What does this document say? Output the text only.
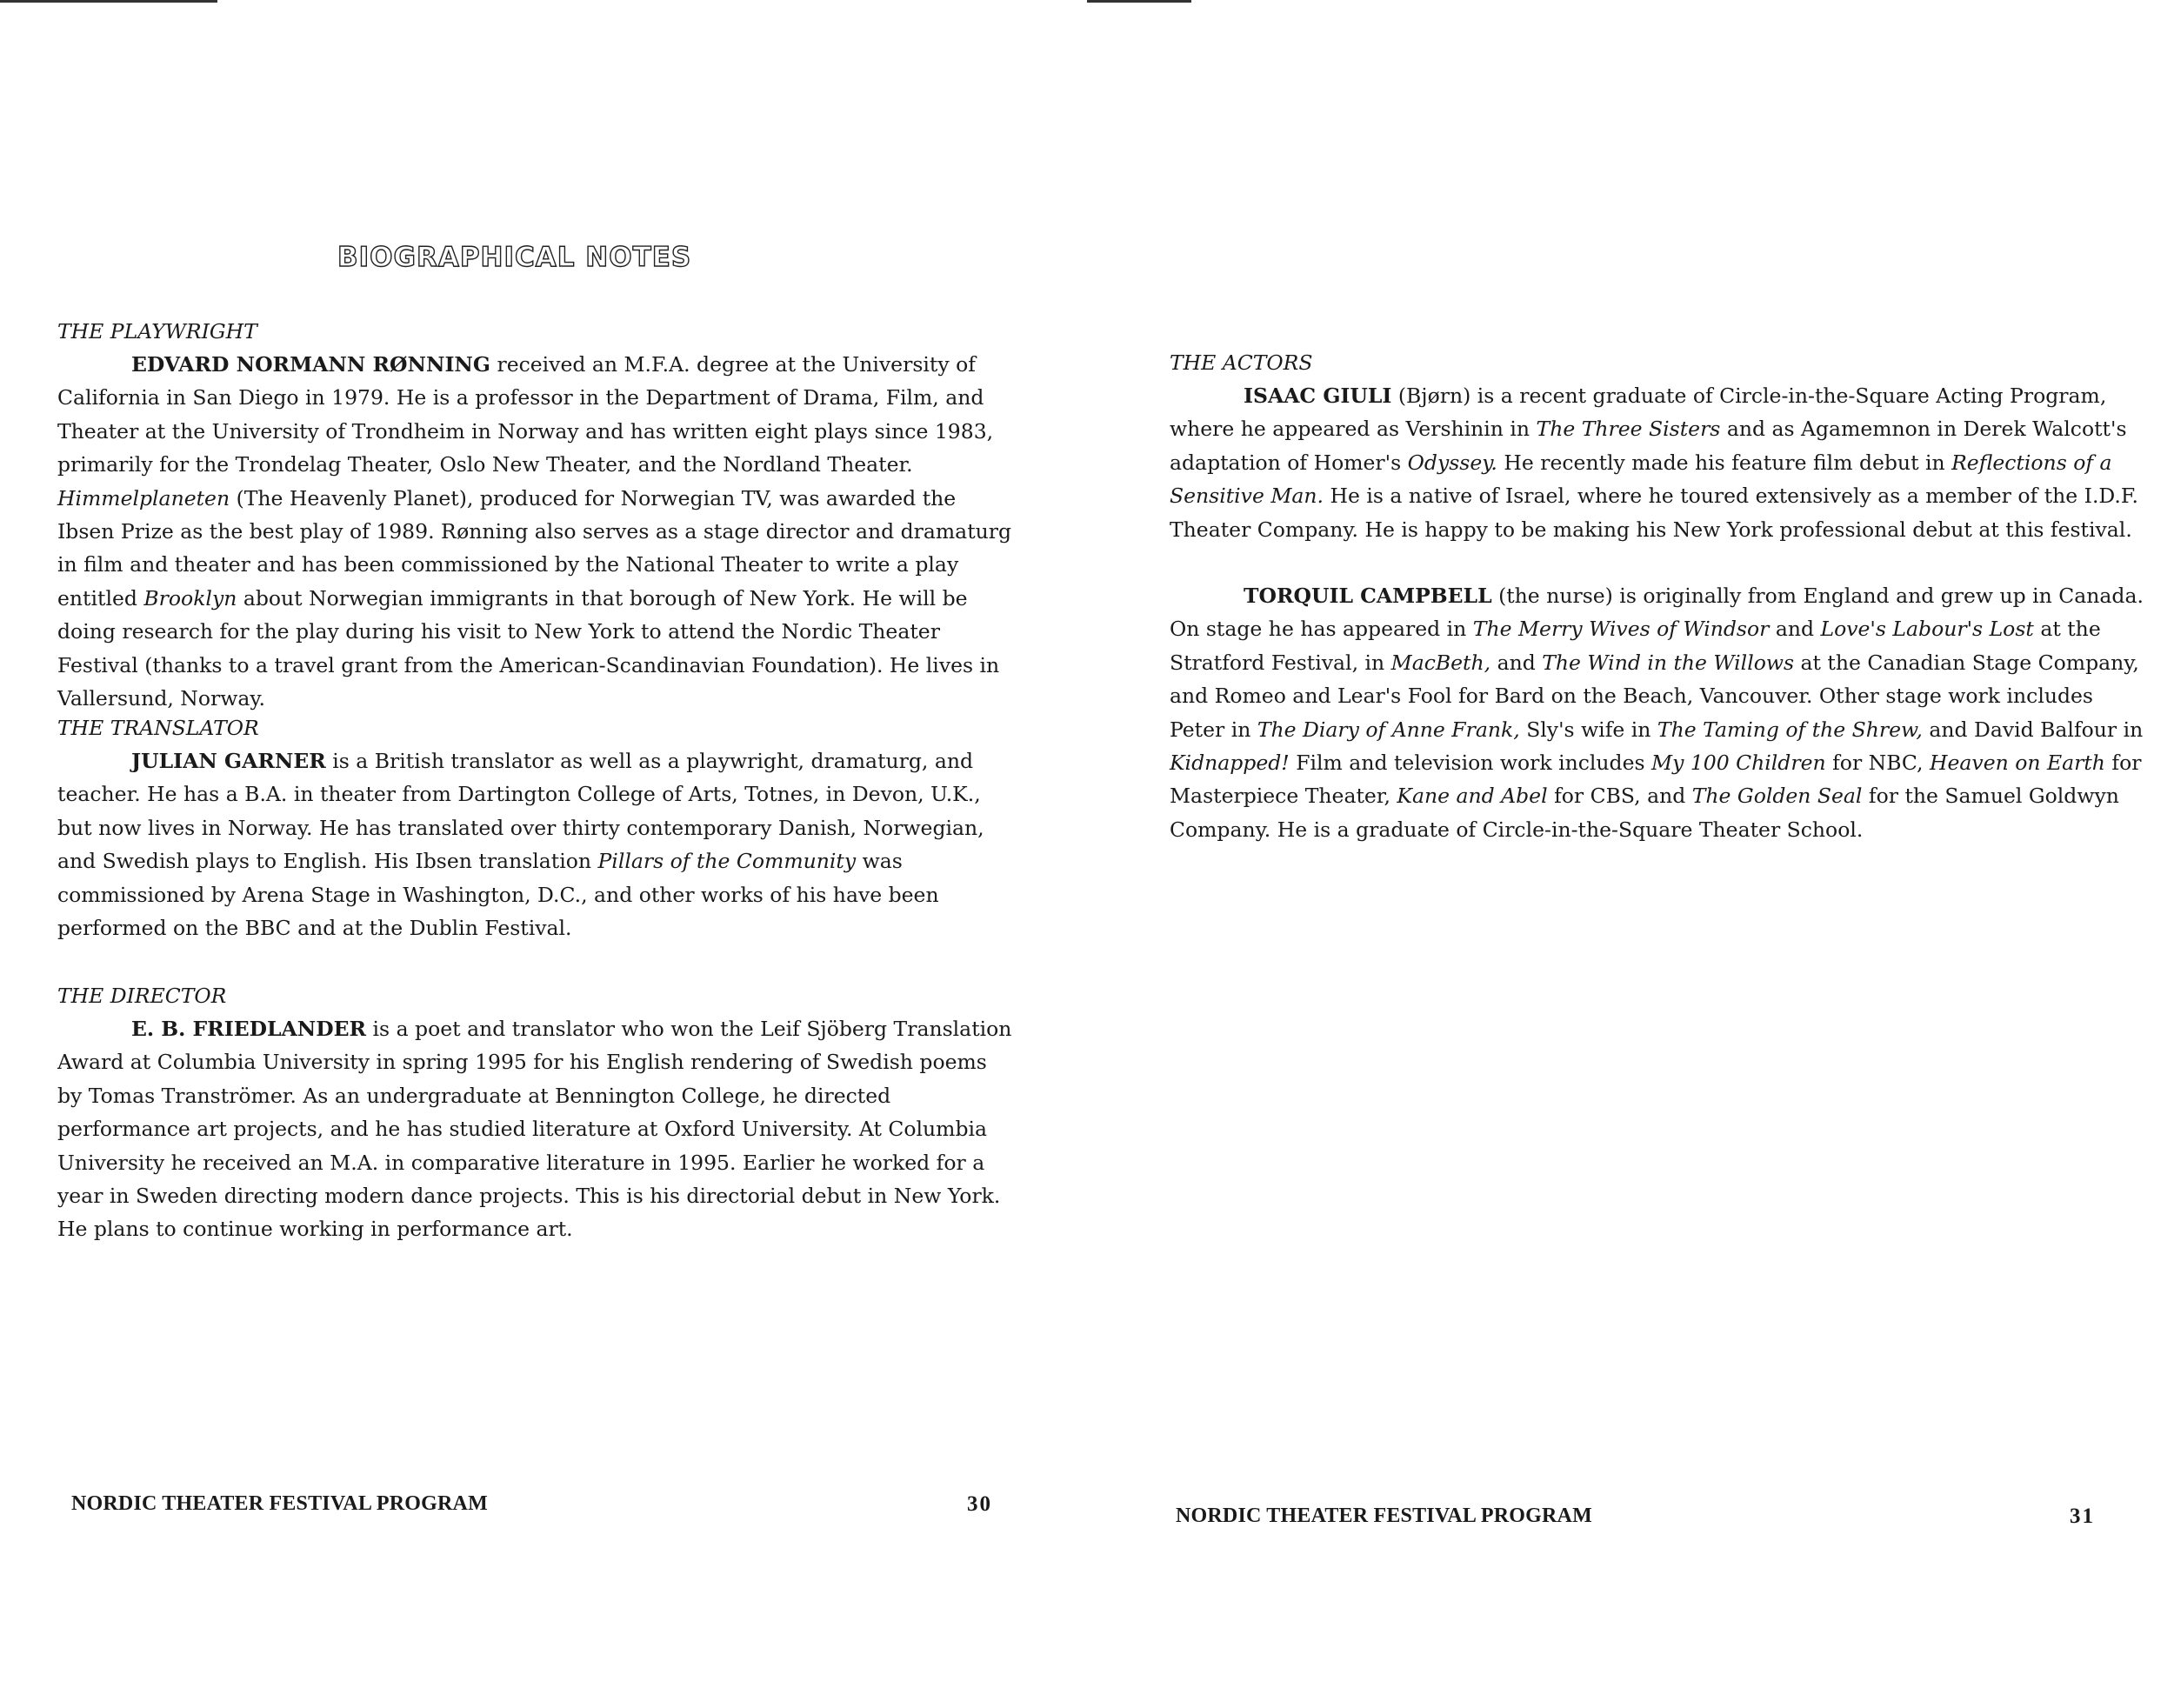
BIOGRAPHICAL NOTES

THE PLAYWRIGHT

EDVARD NORMANN RØNNING received an M.F.A. degree at the University of California in San Diego in 1979. He is a professor in the Department of Drama, Film, and Theater at the University of Trondheim in Norway and has written eight plays since 1983, primarily for the Trondelag Theater, Oslo New Theater, and the Nordland Theater. Himmelplaneten (The Heavenly Planet), produced for Norwegian TV, was awarded the Ibsen Prize as the best play of 1989. Rønning also serves as a stage director and dramaturg in film and theater and has been commissioned by the National Theater to write a play entitled Brooklyn about Norwegian immigrants in that borough of New York. He will be doing research for the play during his visit to New York to attend the Nordic Theater Festival (thanks to a travel grant from the American-Scandinavian Foundation). He lives in Vallersund, Norway.

THE TRANSLATOR

JULIAN GARNER is a British translator as well as a playwright, dramaturg, and teacher. He has a B.A. in theater from Dartington College of Arts, Totnes, in Devon, U.K., but now lives in Norway. He has translated over thirty contemporary Danish, Norwegian, and Swedish plays to English. His Ibsen translation Pillars of the Community was commissioned by Arena Stage in Washington, D.C., and other works of his have been performed on the BBC and at the Dublin Festival.

THE DIRECTOR

E. B. FRIEDLANDER is a poet and translator who won the Leif Sjöberg Translation Award at Columbia University in spring 1995 for his English rendering of Swedish poems by Tomas Tranströmer. As an undergraduate at Bennington College, he directed performance art projects, and he has studied literature at Oxford University. At Columbia University he received an M.A. in comparative literature in 1995. Earlier he worked for a year in Sweden directing modern dance projects. This is his directorial debut in New York. He plans to continue working in performance art.

NORDIC THEATER FESTIVAL PROGRAM	30

THE ACTORS

ISAAC GIULI (Bjørn) is a recent graduate of Circle-in-the-Square Acting Program, where he appeared as Vershinin in The Three Sisters and as Agamemnon in Derek Walcott's adaptation of Homer's Odyssey. He recently made his feature film debut in Reflections of a Sensitive Man. He is a native of Israel, where he toured extensively as a member of the I.D.F. Theater Company. He is happy to be making his New York professional debut at this festival.

TORQUIL CAMPBELL (the nurse) is originally from England and grew up in Canada. On stage he has appeared in The Merry Wives of Windsor and Love's Labour's Lost at the Stratford Festival, in MacBeth, and The Wind in the Willows at the Canadian Stage Company, and Romeo and Lear's Fool for Bard on the Beach, Vancouver. Other stage work includes Peter in The Diary of Anne Frank, Sly's wife in The Taming of the Shrew, and David Balfour in Kidnapped! Film and television work includes My 100 Children for NBC, Heaven on Earth for Masterpiece Theater, Kane and Abel for CBS, and The Golden Seal for the Samuel Goldwyn Company. He is a graduate of Circle-in-the-Square Theater School.

NORDIC THEATER FESTIVAL PROGRAM	31
